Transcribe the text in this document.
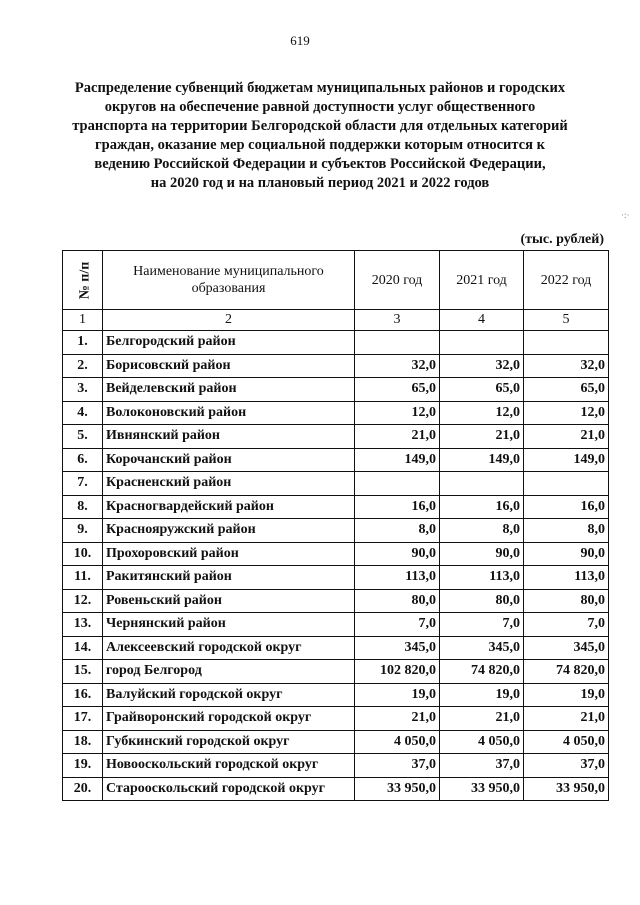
619
Распределение субвенций бюджетам муниципальных районов и городских
округов на обеспечение равной доступности услуг общественного
транспорта на территории Белгородской области для отдельных категорий
граждан, оказание мер социальной поддержки которым относится к
ведению Российской Федерации и субъектов Российской Федерации,
на 2020 год и на плановый период 2021 и 2022 годов
(тыс. рублей)
№ п/п	Наименование муниципального образования	2020 год	2021 год	2022 год
1	2	3	4	5
1.	Белгородский район			
2.	Борисовский район	32,0	32,0	32,0
3.	Вейделевский район	65,0	65,0	65,0
4.	Волоконовский район	12,0	12,0	12,0
5.	Ивнянский район	21,0	21,0	21,0
6.	Корочанский район	149,0	149,0	149,0
7.	Красненский район			
8.	Красногвардейский район	16,0	16,0	16,0
9.	Краснояружский район	8,0	8,0	8,0
10.	Прохоровский район	90,0	90,0	90,0
11.	Ракитянский район	113,0	113,0	113,0
12.	Ровеньский район	80,0	80,0	80,0
13.	Чернянский район	7,0	7,0	7,0
14.	Алексеевский городской округ	345,0	345,0	345,0
15.	город Белгород	102 820,0	74 820,0	74 820,0
16.	Валуйский городской округ	19,0	19,0	19,0
17.	Грайворонский городской округ	21,0	21,0	21,0
18.	Губкинский городской округ	4 050,0	4 050,0	4 050,0
19.	Новооскольский городской округ	37,0	37,0	37,0
20.	Старооскольский городской округ	33 950,0	33 950,0	33 950,0
·:·
